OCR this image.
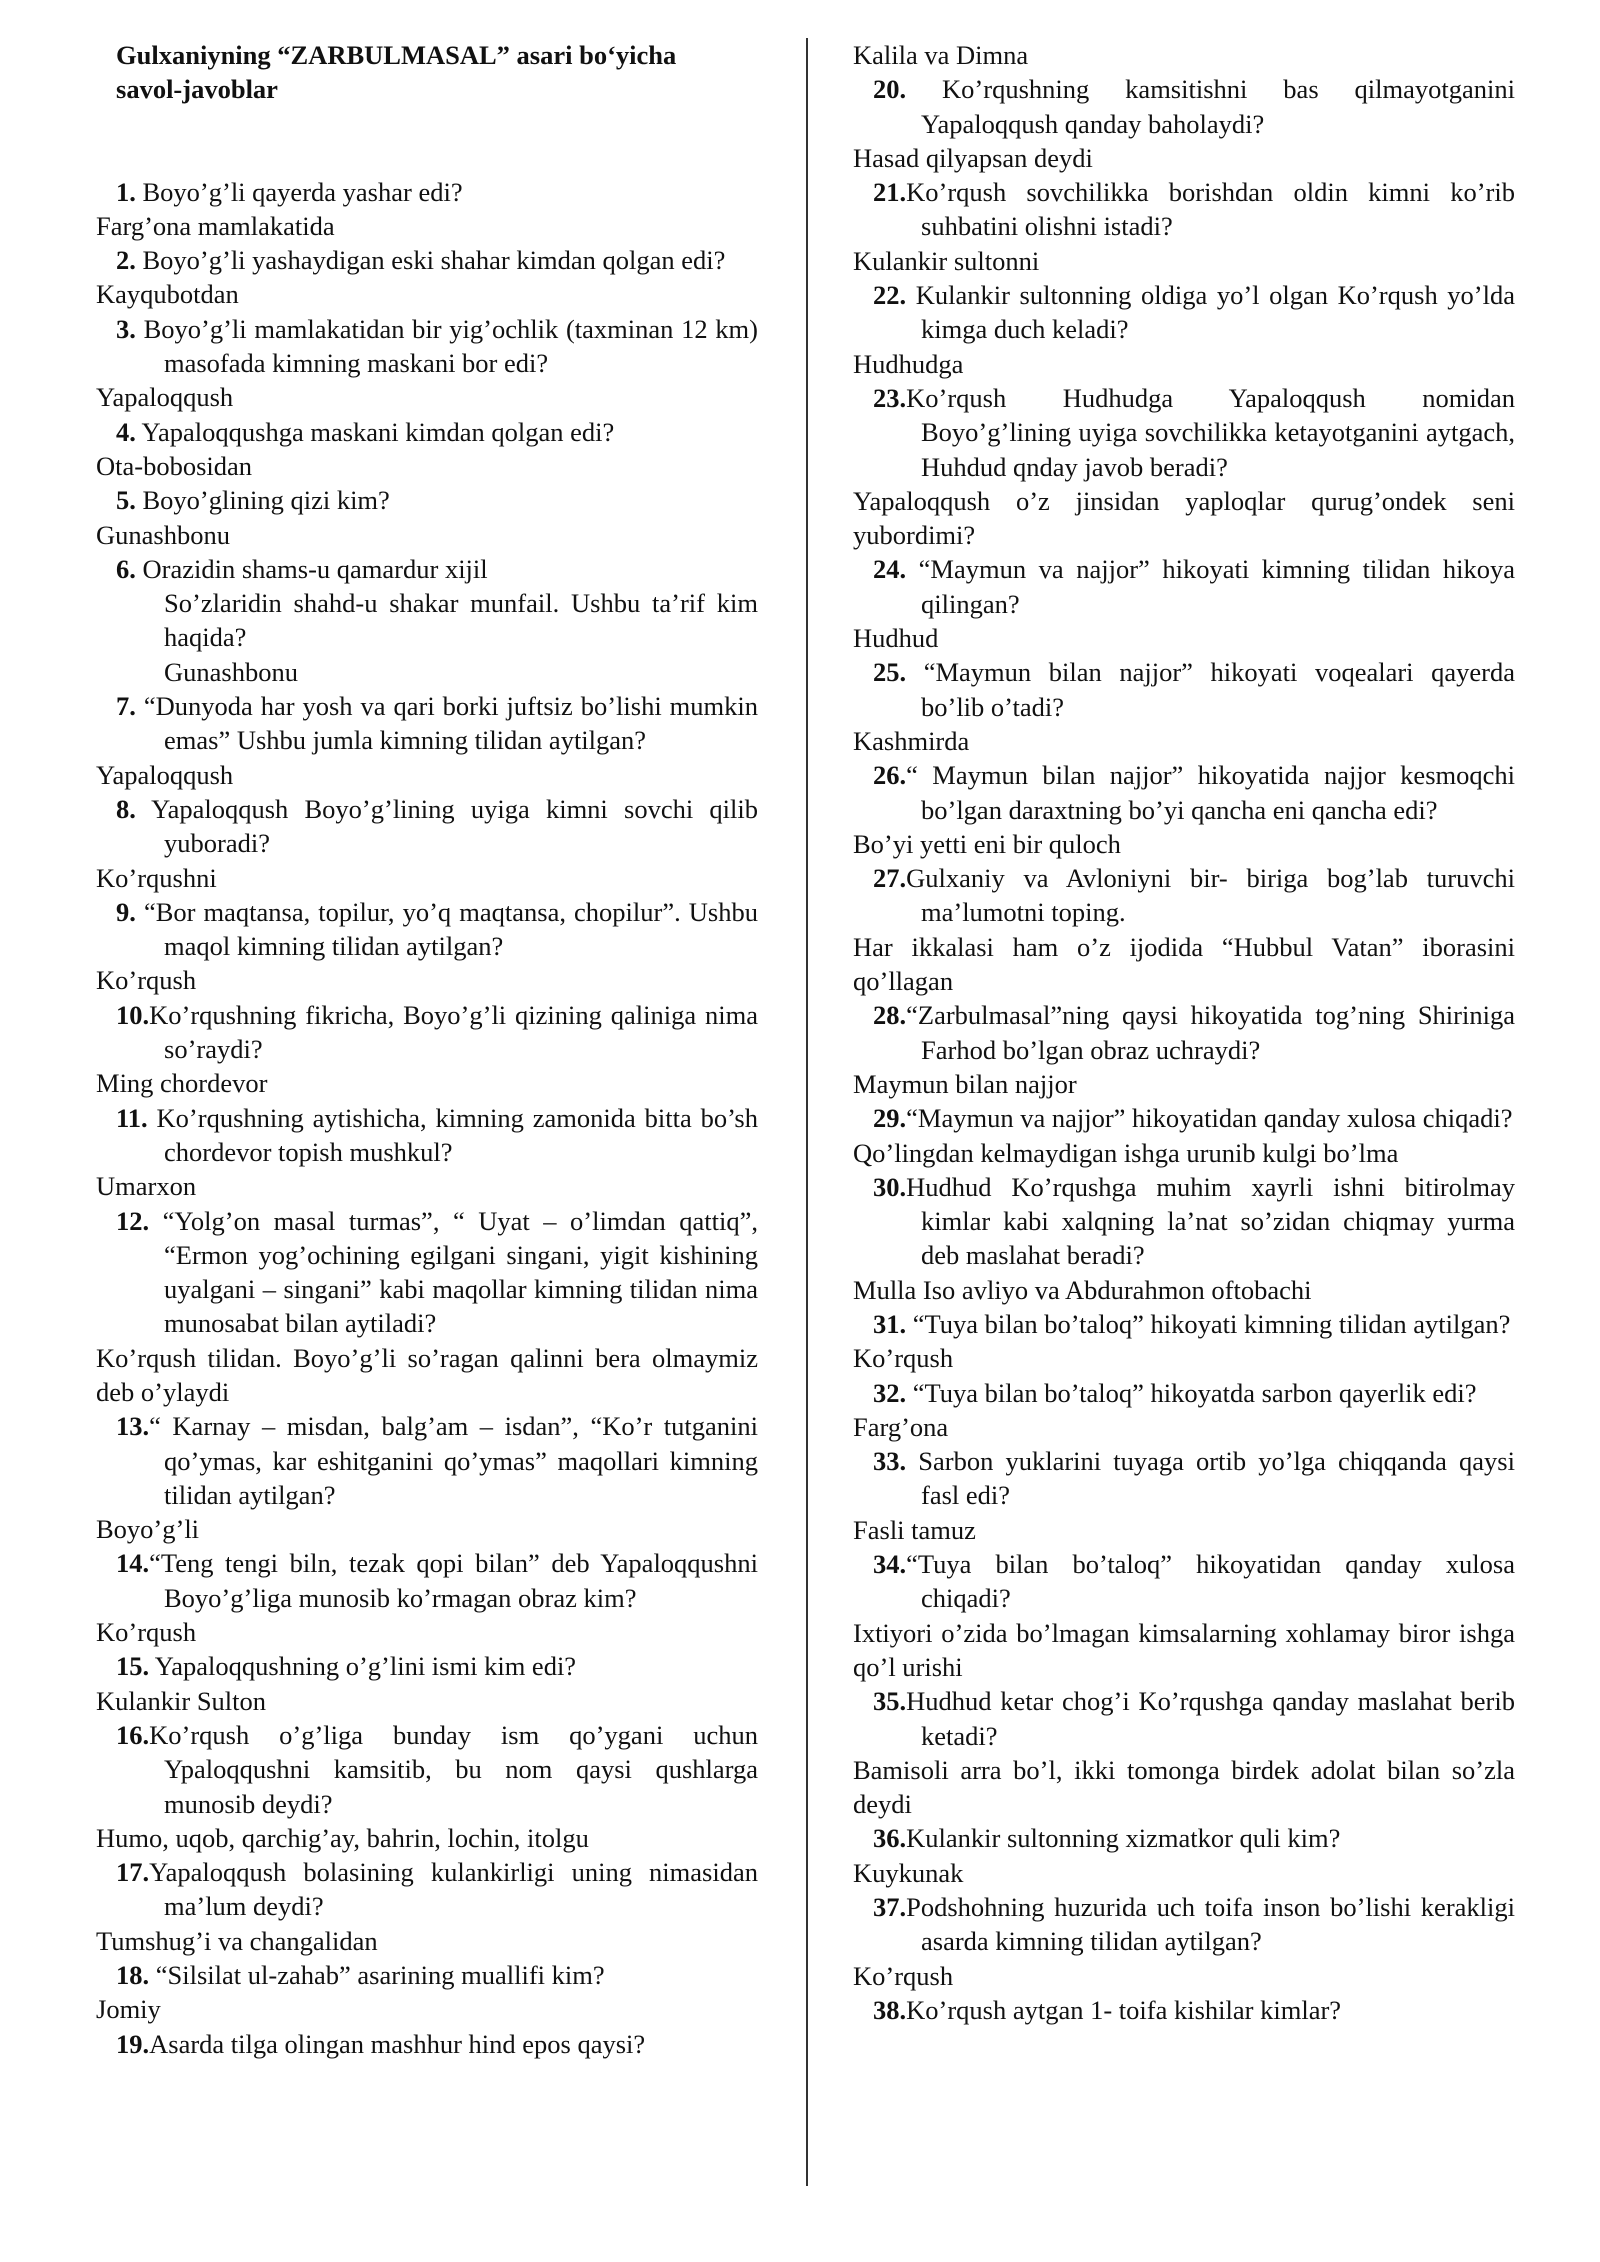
Gulxaniyning “ZARBULMASAL” asari bo‘yicha
savol-javoblar

1. Boyo’g’li qayerda yashar edi?

Farg’ona mamlakatida

2. Boyo’g’li yashaydigan eski shahar kimdan qolgan edi?

Kayqubotdan

3. Boyo’g’li mamlakatidan bir yig’ochlik (taxminan 12 km) masofada kimning maskani bor edi?

Yapaloqqush

4. Yapaloqqushga maskani kimdan qolgan edi?

Ota-bobosidan

5. Boyo’glining qizi kim?

Gunashbonu

6. Orazidin shams-u qamardur xijil

So’zlaridin shahd-u shakar munfail. Ushbu ta’rif kim haqida?

Gunashbonu

7. “Dunyoda har yosh va qari borki juftsiz bo’lishi mumkin emas” Ushbu jumla kimning tilidan aytilgan?

Yapaloqqush

8. Yapaloqqush Boyo’g’lining uyiga kimni sovchi qilib yuboradi?

Ko’rqushni

9. “Bor maqtansa, topilur, yo’q maqtansa, chopilur”. Ushbu maqol kimning tilidan aytilgan?

Ko’rqush

10.Ko’rqushning fikricha, Boyo’g’li qizining qaliniga nima so’raydi?

Ming chordevor

11. Ko’rqushning aytishicha, kimning zamonida bitta bo’sh chordevor topish mushkul?

Umarxon

12. “Yolg’on masal turmas”, “ Uyat – o’limdan qattiq”, “Ermon yog’ochining egilgani singani, yigit kishining uyalgani – singani” kabi maqollar kimning tilidan nima munosabat bilan aytiladi?

Ko’rqush tilidan. Boyo’g’li so’ragan qalinni bera olmaymiz deb o’ylaydi

13.“ Karnay – misdan, balg’am – isdan”, “Ko’r tutganini qo’ymas, kar eshitganini qo’ymas” maqollari kimning tilidan aytilgan?

Boyo’g’li

14.“Teng tengi biln, tezak qopi bilan” deb Yapaloqqushni Boyo’g’liga munosib ko’rmagan obraz kim?

Ko’rqush

15. Yapaloqqushning o’g’lini ismi kim edi?

Kulankir Sulton

16.Ko’rqush o’g’liga bunday ism qo’ygani uchun Ypaloqqushni kamsitib, bu nom qaysi qushlarga munosib deydi?

Humo, uqob, qarchig’ay, bahrin, lochin, itolgu

17.Yapaloqqush bolasining kulankirligi uning nimasidan ma’lum deydi?

Tumshug’i va changalidan

18. “Silsilat ul-zahab” asarining muallifi kim?

Jomiy

19.Asarda tilga olingan mashhur hind epos qaysi?

Kalila va Dimna

20. Ko’rqushning kamsitishni bas qilmayotganini Yapaloqqush qanday baholaydi?

Hasad qilyapsan deydi

21.Ko’rqush sovchilikka borishdan oldin kimni ko’rib suhbatini olishni istadi?

Kulankir sultonni

22. Kulankir sultonning oldiga yo’l olgan Ko’rqush yo’lda kimga duch keladi?

Hudhudga

23.Ko’rqush Hudhudga Yapaloqqush nomidan Boyo’g’lining uyiga sovchilikka ketayotganini aytgach, Huhdud qnday javob beradi?

Yapaloqqush o’z jinsidan yaploqlar qurug’ondek seni yubordimi?

24. “Maymun va najjor” hikoyati kimning tilidan hikoya qilingan?

Hudhud

25. “Maymun bilan najjor” hikoyati voqealari qayerda bo’lib o’tadi?

Kashmirda

26.“ Maymun bilan najjor” hikoyatida najjor kesmoqchi bo’lgan daraxtning bo’yi qancha eni qancha edi?

Bo’yi yetti eni bir quloch

27.Gulxaniy va Avloniyni bir- biriga bog’lab turuvchi ma’lumotni toping.

Har ikkalasi ham o’z ijodida “Hubbul Vatan” iborasini qo’llagan

28.“Zarbulmasal”ning qaysi hikoyatida tog’ning Shiriniga Farhod bo’lgan obraz uchraydi?

Maymun bilan najjor

29.“Maymun va najjor” hikoyatidan qanday xulosa chiqadi?

Qo’lingdan kelmaydigan ishga urunib kulgi bo’lma

30.Hudhud Ko’rqushga muhim xayrli ishni bitirolmay kimlar kabi xalqning la’nat so’zidan chiqmay yurma deb maslahat beradi?

Mulla Iso avliyo va Abdurahmon oftobachi

31. “Tuya bilan bo’taloq” hikoyati kimning tilidan aytilgan?

Ko’rqush

32. “Tuya bilan bo’taloq” hikoyatda sarbon qayerlik edi?

Farg’ona

33. Sarbon yuklarini tuyaga ortib yo’lga chiqqanda qaysi fasl edi?

Fasli tamuz

34.“Tuya bilan bo’taloq” hikoyatidan qanday xulosa chiqadi?

Ixtiyori o’zida bo’lmagan kimsalarning xohlamay biror ishga qo’l urishi

35.Hudhud ketar chog’i Ko’rqushga qanday maslahat berib ketadi?

Bamisoli arra bo’l, ikki tomonga birdek adolat bilan so’zla deydi

36.Kulankir sultonning xizmatkor quli kim?

Kuykunak

37.Podshohning huzurida uch toifa inson bo’lishi kerakligi asarda kimning tilidan aytilgan?

Ko’rqush

38.Ko’rqush aytgan 1- toifa kishilar kimlar?
